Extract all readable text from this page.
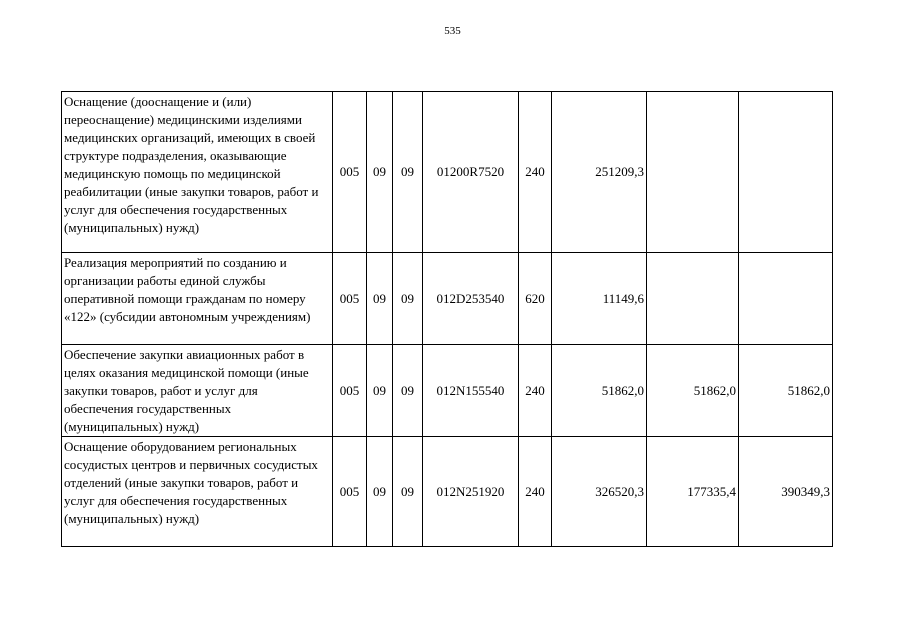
535
Оснащение (дооснащение и (или) переоснащение) медицинскими изделиями медицинских организаций, имеющих в своей структуре подразделения, оказывающие медицинскую помощь по медицинской реабилитации (иные закупки товаров, работ и услуг для обеспечения государственных (муниципальных) нужд)	005	09	09	01200R7520	240	251209,3		
Реализация мероприятий по созданию и организации работы единой службы оперативной помощи гражданам по номеру «122» (субсидии автономным учреждениям)	005	09	09	012D253540	620	11149,6		
Обеспечение закупки авиационных работ в целях оказания медицинской помощи (иные закупки товаров, работ и услуг для обеспечения государственных (муниципальных) нужд)	005	09	09	012N155540	240	51862,0	51862,0	51862,0
Оснащение оборудованием региональных сосудистых центров и первичных сосудистых отделений (иные закупки товаров, работ и услуг для обеспечения государственных (муниципальных) нужд)	005	09	09	012N251920	240	326520,3	177335,4	390349,3
